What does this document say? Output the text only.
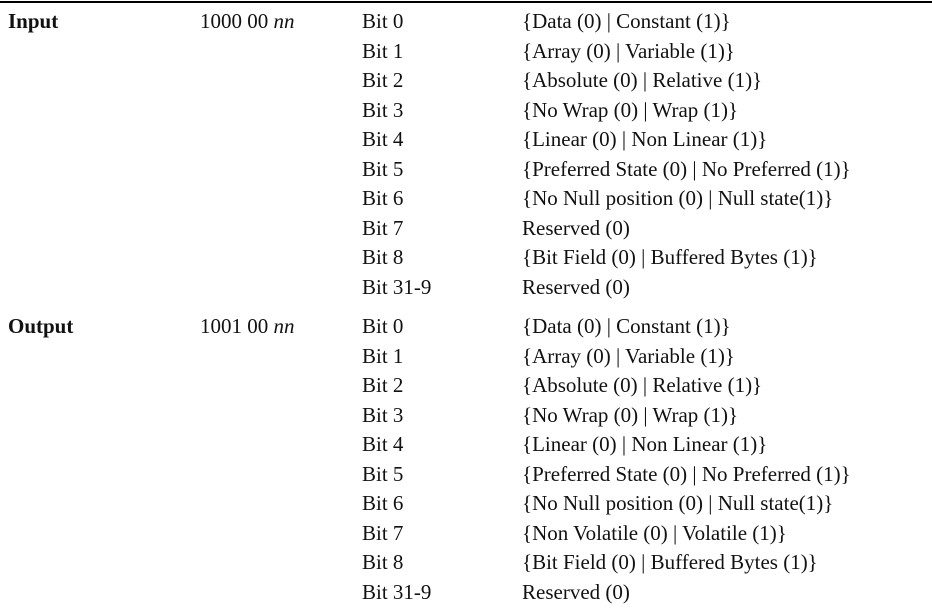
Input	1000 00 nn	Bit 0	{Data (0) | Constant (1)}
Bit 1	{Array (0) | Variable (1)}
Bit 2	{Absolute (0) | Relative (1)}
Bit 3	{No Wrap (0) | Wrap (1)}
Bit 4	{Linear (0) | Non Linear (1)}
Bit 5	{Preferred State (0) | No Preferred (1)}
Bit 6	{No Null position (0) | Null state(1)}
Bit 7	Reserved (0)
Bit 8	{Bit Field (0) | Buffered Bytes (1)}
Bit 31-9	Reserved (0)
Output	1001 00 nn	Bit 0	{Data (0) | Constant (1)}
Bit 1	{Array (0) | Variable (1)}
Bit 2	{Absolute (0) | Relative (1)}
Bit 3	{No Wrap (0) | Wrap (1)}
Bit 4	{Linear (0) | Non Linear (1)}
Bit 5	{Preferred State (0) | No Preferred (1)}
Bit 6	{No Null position (0) | Null state(1)}
Bit 7	{Non Volatile (0) | Volatile (1)}
Bit 8	{Bit Field (0) | Buffered Bytes (1)}
Bit 31-9	Reserved (0)
